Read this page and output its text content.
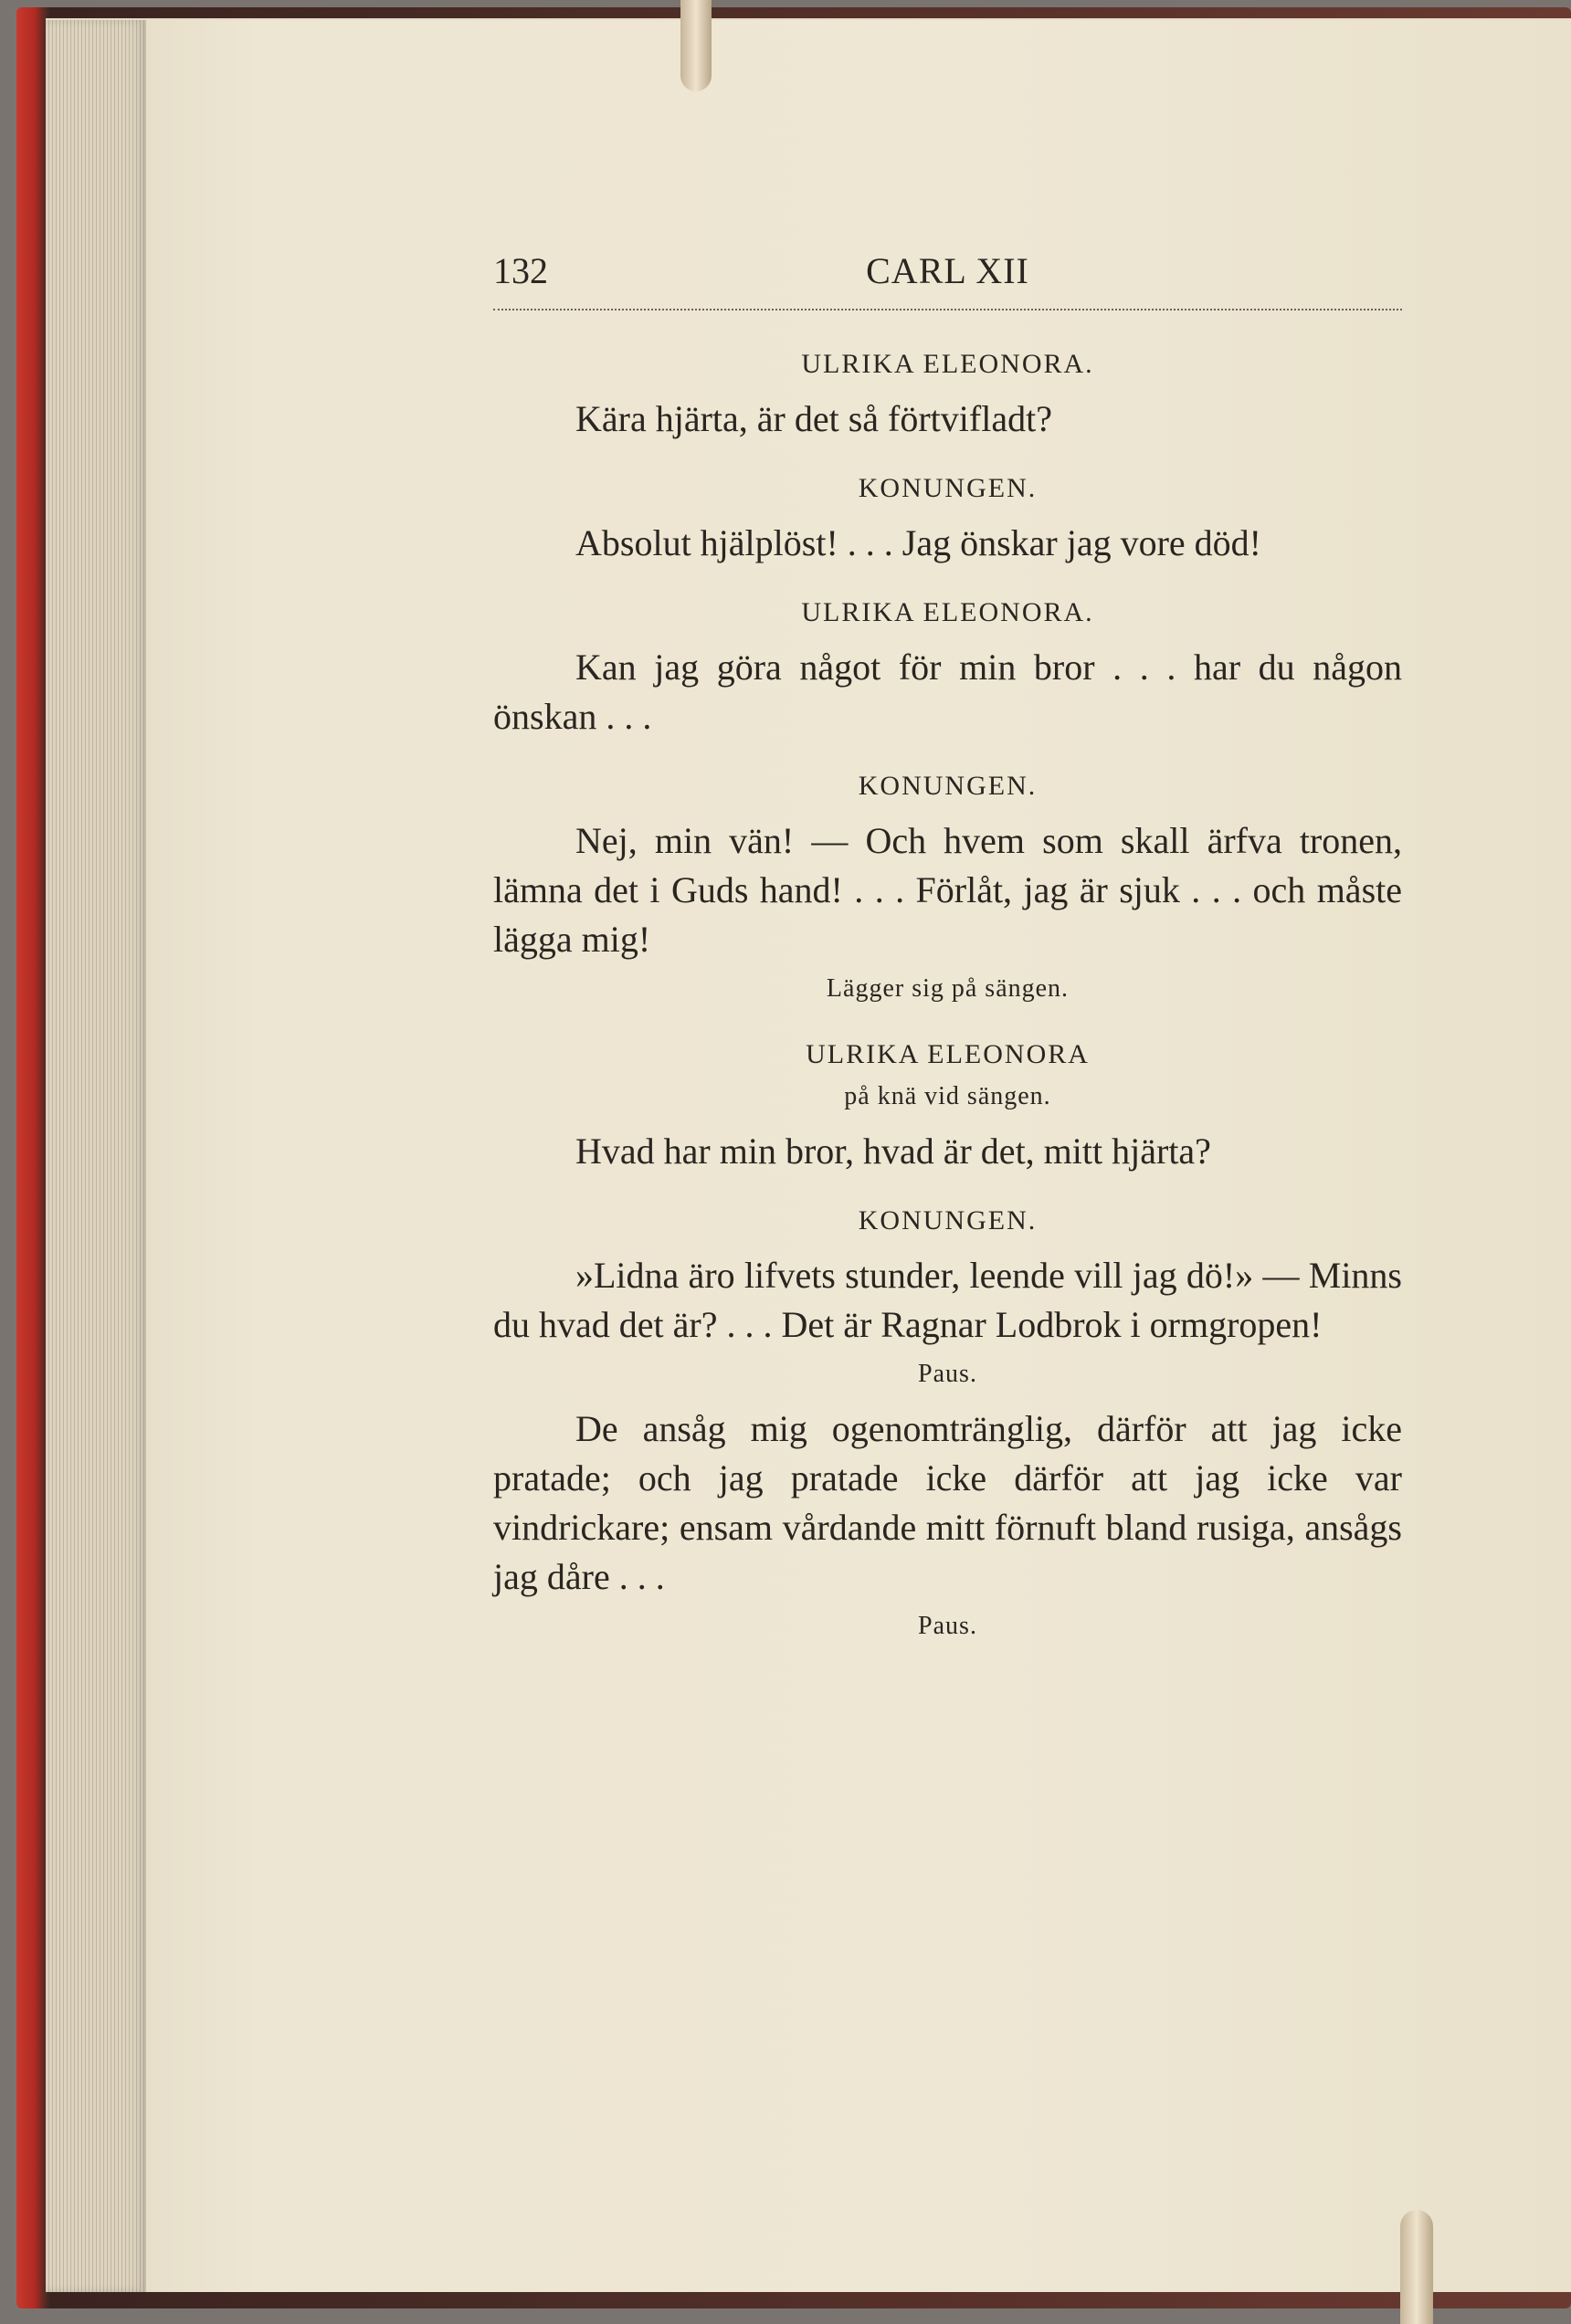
132	CARL XII

ULRIKA ELEONORA.

Kära hjärta, är det så förtvifladt?

KONUNGEN.

Absolut hjälplöst! . . . Jag önskar jag vore död!

ULRIKA ELEONORA.

Kan jag göra något för min bror . . . har du någon önskan . . .

KONUNGEN.

Nej, min vän! — Och hvem som skall ärfva tronen, lämna det i Guds hand! . . . Förlåt, jag är sjuk . . . och måste lägga mig!

Lägger sig på sängen.

ULRIKA ELEONORA

på knä vid sängen.

Hvad har min bror, hvad är det, mitt hjärta?

KONUNGEN.

»Lidna äro lifvets stunder, leende vill jag dö!» — Minns du hvad det är? . . . Det är Ragnar Lodbrok i ormgropen!

Paus.

De ansåg mig ogenomtränglig, därför att jag icke pratade; och jag pratade icke därför att jag icke var vindrickare; ensam vårdande mitt förnuft bland rusiga, ansågs jag dåre . . .

Paus.
